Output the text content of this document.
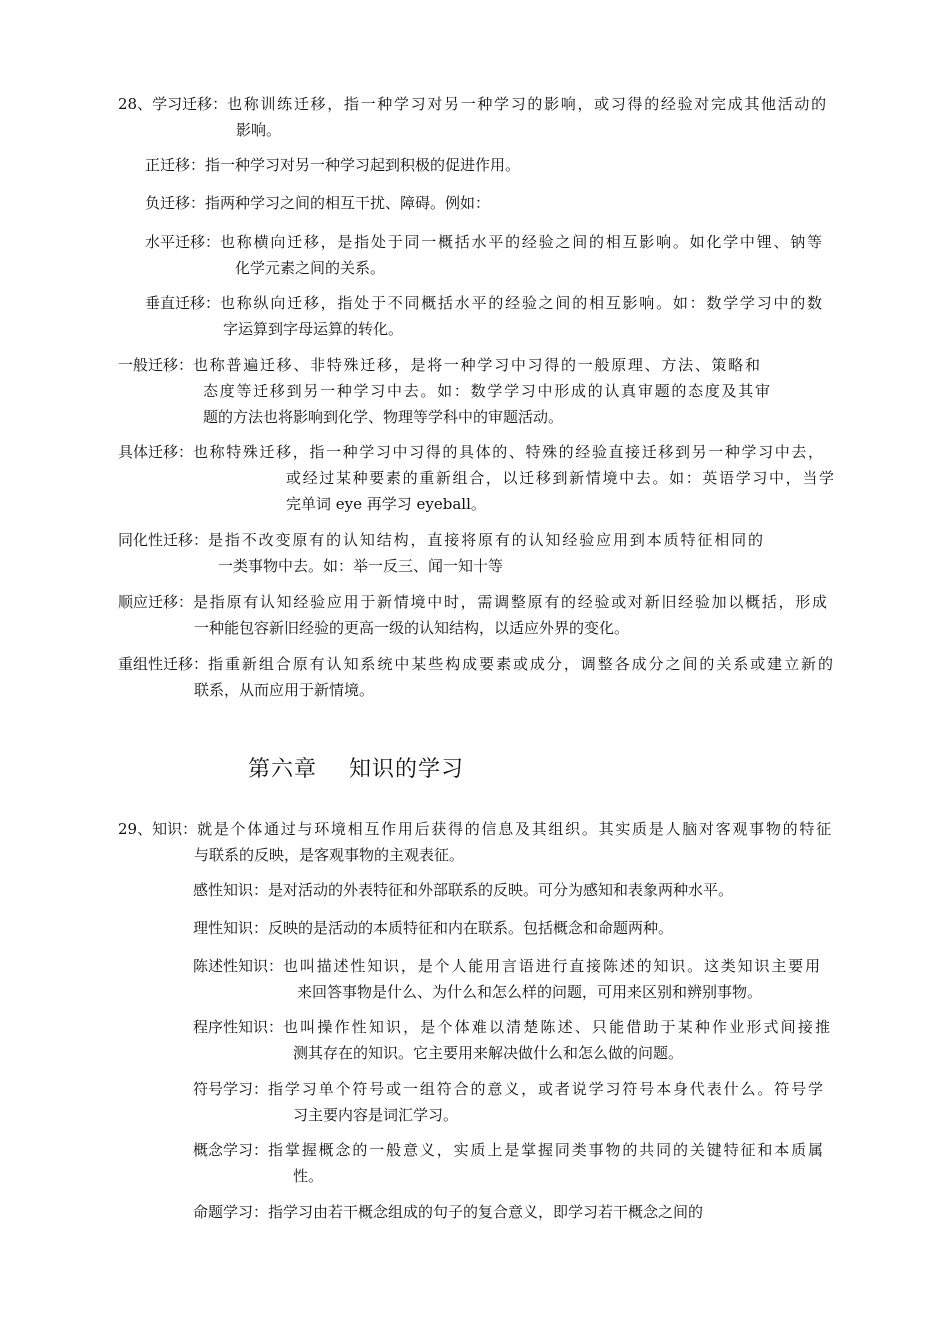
28、学习迁移： 也称训练迁移，指一种学习对另一种学习的影响，或习得的经验对完成其他活动的
影响。
正迁移： 指一种学习对另一种学习起到积极的促进作用。
负迁移： 指两种学习之间的相互干扰、障碍。例如：
水平迁移： 也称横向迁移，是指处于同一概括水平的经验之间的相互影响。如化学中锂、钠等
化学元素之间的关系。
垂直迁移： 也称纵向迁移，指处于不同概括水平的经验之间的相互影响。如：数学学习中的数
字运算到字母运算的转化。
一般迁移： 也称普遍迁移、非特殊迁移，是将一种学习中习得的一般原理、方法、策略和
态度等迁移到另一种学习中去。如：数学学习中形成的认真审题的态度及其审
题的方法也将影响到化学、物理等学科中的审题活动。
具体迁移： 也称特殊迁移，指一种学习中习得的具体的、特殊的经验直接迁移到另一种学习中去，
或经过某种要素的重新组合，以迁移到新情境中去。如：英语学习中，当学
完单词 eye 再学习 eyeball。
同化性迁移： 是指不改变原有的认知结构，直接将原有的认知经验应用到本质特征相同的
一类事物中去。如：举一反三、闻一知十等
顺应迁移： 是指原有认知经验应用于新情境中时，需调整原有的经验或对新旧经验加以概括，形成
一种能包容新旧经验的更高一级的认知结构，以适应外界的变化。
重组性迁移： 指重新组合原有认知系统中某些构成要素或成分，调整各成分之间的关系或建立新的
联系，从而应用于新情境。
第六章    知识的学习
29、知识： 就是个体通过与环境相互作用后获得的信息及其组织。其实质是人脑对客观事物的特征
与联系的反映，是客观事物的主观表征。
感性知识： 是对活动的外表特征和外部联系的反映。可分为感知和表象两种水平。
理性知识： 反映的是活动的本质特征和内在联系。包括概念和命题两种。
陈述性知识： 也叫描述性知识，是个人能用言语进行直接陈述的知识。这类知识主要用
来回答事物是什么、为什么和怎么样的问题，可用来区别和辨别事物。
程序性知识： 也叫操作性知识，是个体难以清楚陈述、只能借助于某种作业形式间接推
测其存在的知识。它主要用来解决做什么和怎么做的问题。
符号学习： 指学习单个符号或一组符合的意义，或者说学习符号本身代表什么。符号学
习主要内容是词汇学习。
概念学习： 指掌握概念的一般意义，实质上是掌握同类事物的共同的关键特征和本质属
性。
命题学习： 指学习由若干概念组成的句子的复合意义，即学习若干概念之间的
